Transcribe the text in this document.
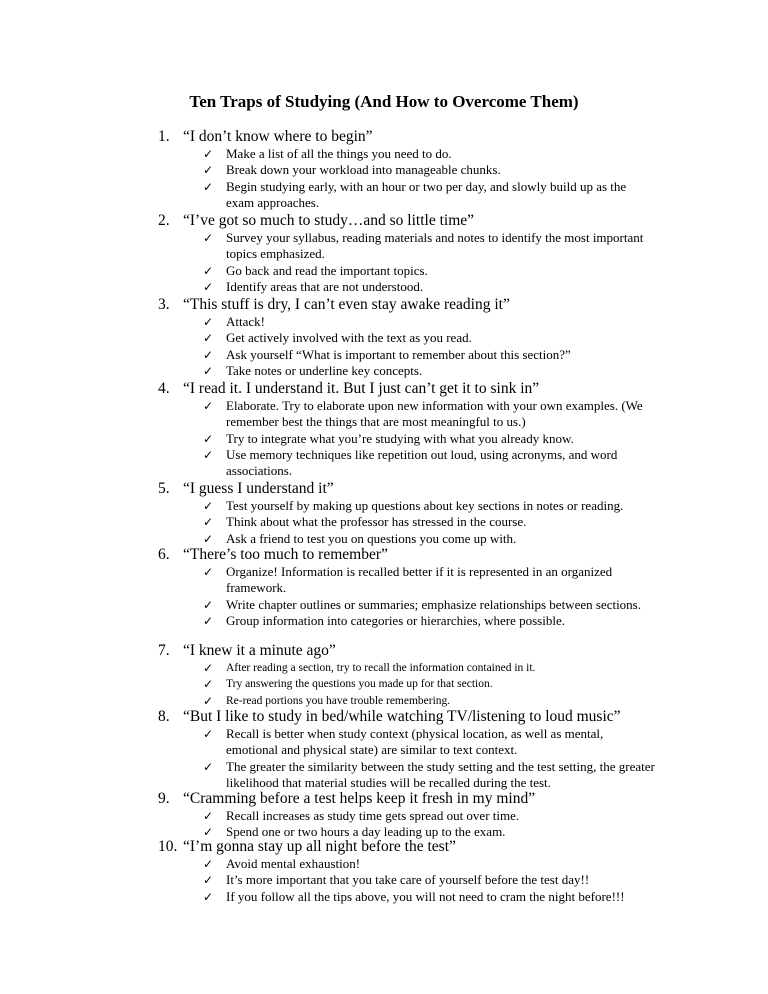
Ten Traps of Studying (And How to Overcome Them)
1. “I don’t know where to begin”
✓ Make a list of all the things you need to do.
✓ Break down your workload into manageable chunks.
✓ Begin studying early, with an hour or two per day, and slowly build up as the exam approaches.
2. “I’ve got so much to study…and so little time”
✓ Survey your syllabus, reading materials and notes to identify the most important topics emphasized.
✓ Go back and read the important topics.
✓ Identify areas that are not understood.
3. “This stuff is dry, I can’t even stay awake reading it”
✓ Attack!
✓ Get actively involved with the text as you read.
✓ Ask yourself “What is important to remember about this section?”
✓ Take notes or underline key concepts.
4. “I read it. I understand it. But I just can’t get it to sink in”
✓ Elaborate. Try to elaborate upon new information with your own examples. (We remember best the things that are most meaningful to us.)
✓ Try to integrate what you’re studying with what you already know.
✓ Use memory techniques like repetition out loud, using acronyms, and word associations.
5. “I guess I understand it”
✓ Test yourself by making up questions about key sections in notes or reading.
✓ Think about what the professor has stressed in the course.
✓ Ask a friend to test you on questions you come up with.
6. “There’s too much to remember”
✓ Organize! Information is recalled better if it is represented in an organized framework.
✓ Write chapter outlines or summaries; emphasize relationships between sections.
✓ Group information into categories or hierarchies, where possible.
7. “I knew it a minute ago”
✓ After reading a section, try to recall the information contained in it.
✓ Try answering the questions you made up for that section.
✓ Re-read portions you have trouble remembering.
8. “But I like to study in bed/while watching TV/listening to loud music”
✓ Recall is better when study context (physical location, as well as mental, emotional and physical state) are similar to text context.
✓ The greater the similarity between the study setting and the test setting, the greater likelihood that material studies will be recalled during the test.
9. “Cramming before a test helps keep it fresh in my mind”
✓ Recall increases as study time gets spread out over time.
✓ Spend one or two hours a day leading up to the exam.
10. “I’m gonna stay up all night before the test”
✓ Avoid mental exhaustion!
✓ It’s more important that you take care of yourself before the test day!!
✓ If you follow all the tips above, you will not need to cram the night before!!!
